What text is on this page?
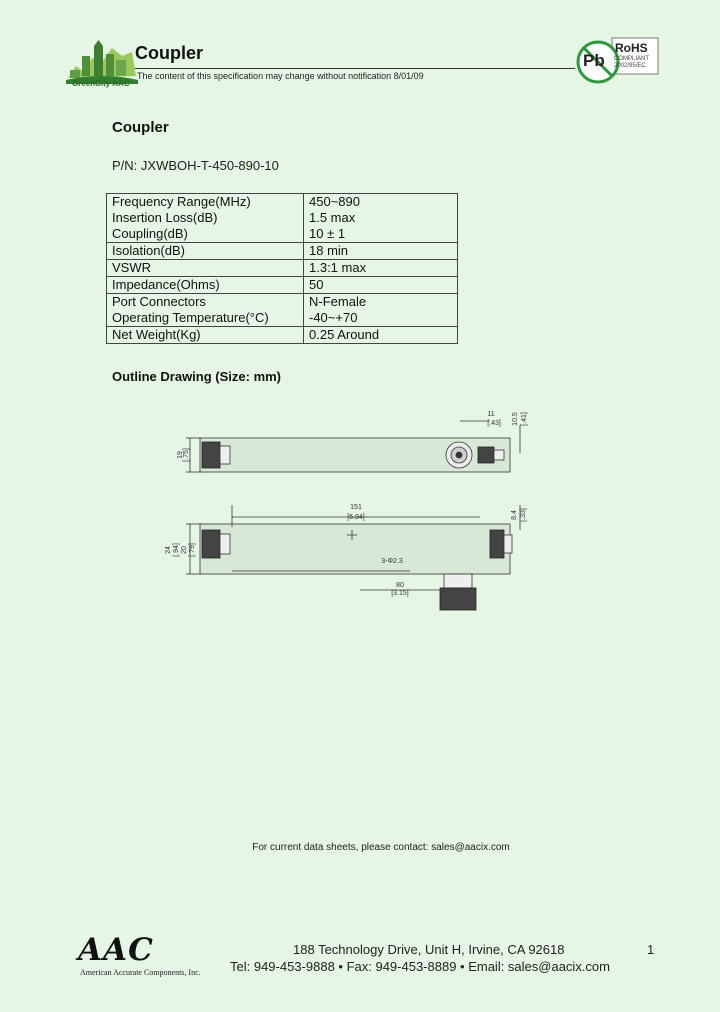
GreenCity AAC
Coupler
The content of this specification may change without notification 8/01/09
Pb
RoHS
COMPLIANT
2002/95/EC
Coupler
P/N: JXWBOH-T-450-890-10
Frequency Range(MHz)	450~890
Insertion Loss(dB)	1.5 max
Coupling(dB)	10 ± 1
Isolation(dB)	18 min
VSWR	1.3:1 max
Impedance(Ohms)	50
Port Connectors	N-Female
Operating Temperature(°C)	-40~+70
Net Weight(Kg)	0.25 Around
Outline Drawing (Size: mm)
19 [.75]
11
[.43] 10.5 [.41]
151
[5.94]	8.4 [.33]
24 [.94] 20 [.79]
3-Φ2.3
80
[3.15]
For current data sheets, please contact: sales@aacix.com
AAC
American Accurate Components, Inc.
188 Technology Drive, Unit H, Irvine, CA 92618
Tel: 949-453-9888 • Fax: 949-453-8889 • Email: sales@aacix.com
1
